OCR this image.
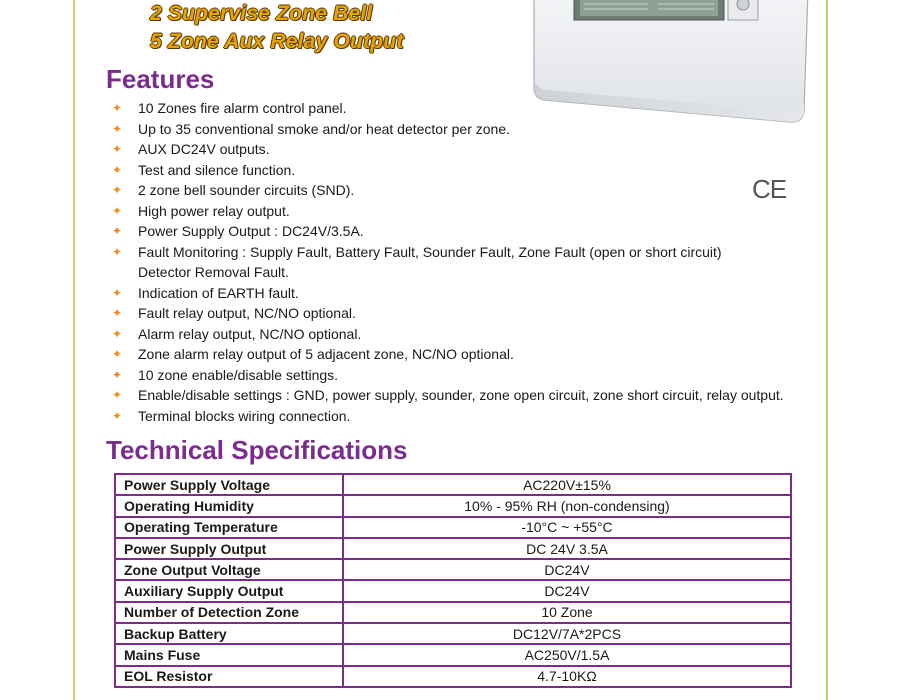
2 Supervise Zone Bell
5 Zone Aux Relay Output
Features
✦ 10 Zones fire alarm control panel.
✦ Up to 35 conventional smoke and/or heat detector per zone.
✦ AUX DC24V outputs.
✦ Test and silence function.
✦ 2 zone bell sounder circuits (SND).
✦ High power relay output.
✦ Power Supply Output : DC24V/3.5A.
✦ Fault Monitoring : Supply Fault, Battery Fault, Sounder Fault, Zone Fault (open or short circuit)
Detector Removal Fault.
✦ Indication of EARTH fault.
✦ Fault relay output, NC/NO optional.
✦ Alarm relay output, NC/NO optional.
✦ Zone alarm relay output of 5 adjacent zone, NC/NO optional.
✦ 10 zone enable/disable settings.
✦ Enable/disable settings : GND, power supply, sounder, zone open circuit, zone short circuit, relay output.
✦ Terminal blocks wiring connection.
CE
Technical Specifications
Power Supply Voltage	AC220V±15%
Operating Humidity	10% - 95% RH (non-condensing)
Operating Temperature	-10°C ~ +55°C
Power Supply Output	DC 24V 3.5A
Zone Output Voltage	DC24V
Auxiliary Supply Output	DC24V
Number of Detection Zone	10 Zone
Backup Battery	DC12V/7A*2PCS
Mains Fuse	AC250V/1.5A
EOL Resistor	4.7-10KΩ
